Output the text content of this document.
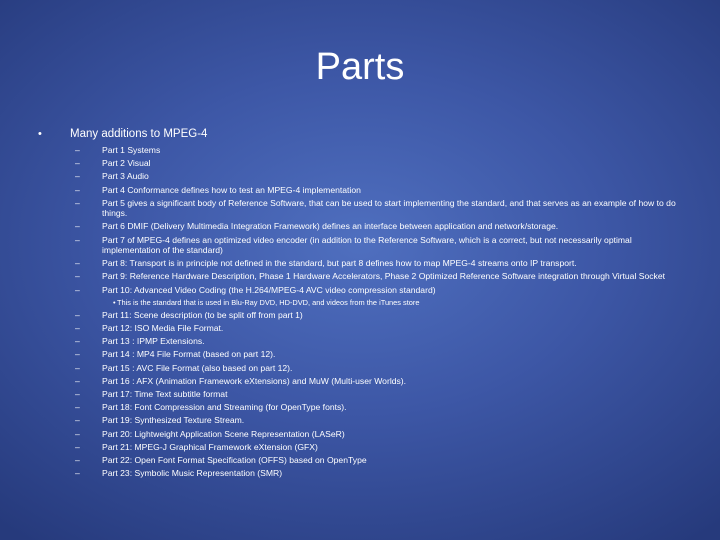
Parts
• Many additions to MPEG-4
–	Part 1 Systems
–	Part 2 Visual
–	Part 3 Audio
–	Part 4 Conformance defines how to test an MPEG-4 implementation
–	Part 5 gives a significant body of Reference Software, that can be used to start implementing the standard, and that serves as an example of how to do things.
–	Part 6 DMIF (Delivery Multimedia Integration Framework) defines an interface between application and network/storage.
–	Part 7 of MPEG-4 defines an optimized video encoder (in addition to the Reference Software, which is a correct, but not necessarily optimal implementation of the standard)
–	Part 8: Transport is in principle not defined in the standard, but part 8 defines how to map MPEG-4 streams onto IP transport.
–	Part 9: Reference Hardware Description, Phase 1 Hardware Accelerators, Phase 2 Optimized Reference Software integration through Virtual Socket
–	Part 10: Advanced Video Coding (the H.264/MPEG-4 AVC video compression standard)
• This is the standard that is used in Blu-Ray DVD, HD-DVD, and videos from the iTunes store
–	Part 11: Scene description (to be split off from part 1)
–	Part 12: ISO Media File Format.
–	Part 13 : IPMP Extensions.
–	Part 14 : MP4 File Format (based on part 12).
–	Part 15 : AVC File Format (also based on part 12).
–	Part 16 : AFX (Animation Framework eXtensions) and MuW (Multi-user Worlds).
–	Part 17: Time Text subtitle format
–	Part 18: Font Compression and Streaming (for OpenType fonts).
–	Part 19: Synthesized Texture Stream.
–	Part 20: Lightweight Application Scene Representation (LASeR)
–	Part 21: MPEG-J Graphical Framework eXtension (GFX)
–	Part 22: Open Font Format Specification (OFFS) based on OpenType
–	Part 23: Symbolic Music Representation (SMR)
